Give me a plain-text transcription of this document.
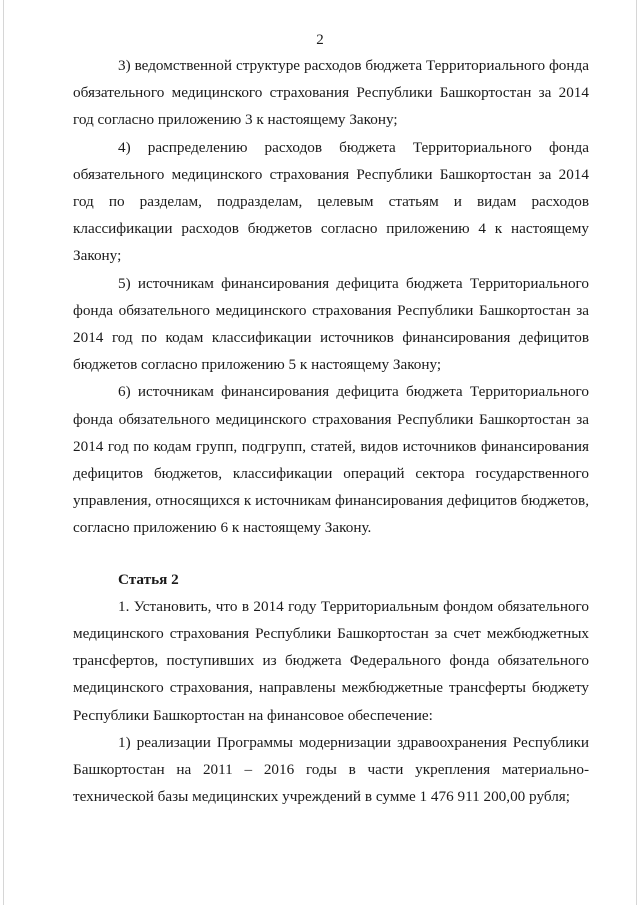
2

3) ведомственной структуре расходов бюджета Территориального фонда обязательного медицинского страхования Республики Башкортостан за 2014 год согласно приложению 3 к настоящему Закону;

4) распределению расходов бюджета Территориального фонда обязательного медицинского страхования Республики Башкортостан за 2014 год по разделам, подразделам, целевым статьям и видам расходов классификации расходов бюджетов согласно приложению 4 к настоящему Закону;

5) источникам финансирования дефицита бюджета Территориального фонда обязательного медицинского страхования Республики Башкортостан за 2014 год по кодам классификации источников финансирования дефицитов бюджетов согласно приложению 5 к настоящему Закону;

6) источникам финансирования дефицита бюджета Территориального фонда обязательного медицинского страхования Республики Башкортостан за 2014 год по кодам групп, подгрупп, статей, видов источников финансирования дефицитов бюджетов, классификации операций сектора государственного управления, относящихся к источникам финансирования дефицитов бюджетов, согласно приложению 6 к настоящему Закону.

Статья 2

1. Установить, что в 2014 году Территориальным фондом обязательного медицинского страхования Республики Башкортостан за счет межбюджетных трансфертов, поступивших из бюджета Федерального фонда обязательного медицинского страхования, направлены межбюджетные трансферты бюджету Республики Башкортостан на финансовое обеспечение:

1) реализации Программы модернизации здравоохранения Республики Башкортостан на 2011 – 2016 годы в части укрепления материально-технической базы медицинских учреждений в сумме 1 476 911 200,00 рубля;
